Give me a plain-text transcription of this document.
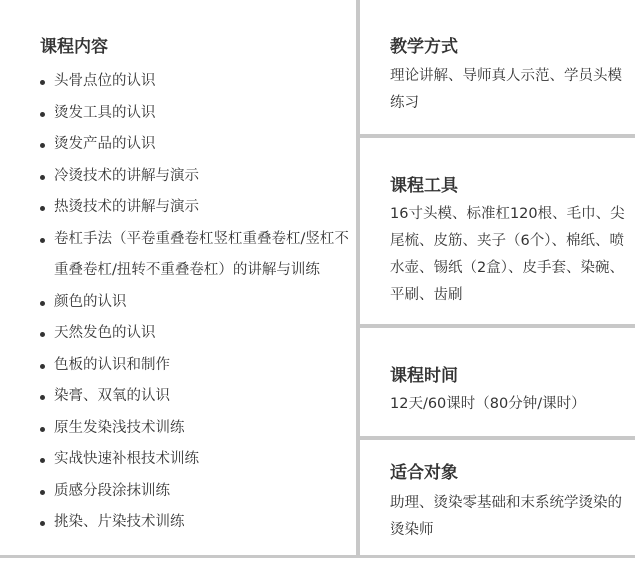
课程内容
头骨点位的认识
烫发工具的认识
烫发产品的认识
冷烫技术的讲解与演示
热烫技术的讲解与演示
卷杠手法（平卷重叠卷杠竖杠重叠卷杠/竖杠不重叠卷杠/扭转不重叠卷杠）的讲解与训练
颜色的认识
天然发色的认识
色板的认识和制作
染膏、双氧的认识
原生发染浅技术训练
实战快速补根技术训练
质感分段涂抹训练
挑染、片染技术训练
教学方式
理论讲解、导师真人示范、学员头模练习
课程工具
16寸头模、标准杠120根、毛巾、尖尾梳、皮筋、夹子（6个）、棉纸、喷水壶、锡纸（2盒）、皮手套、染碗、平刷、齿刷
课程时间
12天/60课时（80分钟/课时）
适合对象
助理、烫染零基础和末系统学烫染的烫染师
